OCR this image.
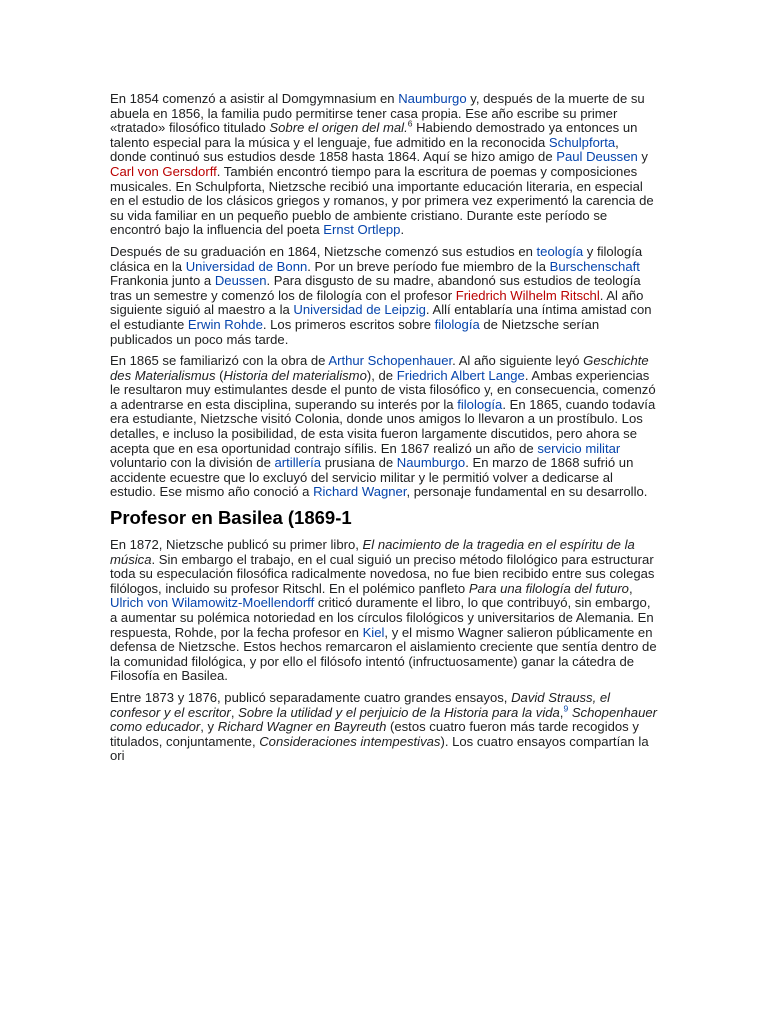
En 1854 comenzó a asistir al Domgymnasium en Naumburgo y, después de la muerte de su abuela en 1856, la familia pudo permitirse tener casa propia. Ese año escribe su primer «tratado» filosófico titulado Sobre el origen del mal.$^6$ Habiendo demostrado ya entonces un talento especial para la música y el lenguaje, fue admitido en la reconocida Schulpforta, donde continuó sus estudios desde 1858 hasta 1864. Aquí se hizo amigo de Paul Deussen y Carl von Gersdorff. También encontró tiempo para la escritura de poemas y composiciones musicales. En Schulpforta, Nietzsche recibió una importante educación literaria, en especial en el estudio de los clásicos griegos y romanos, y por primera vez experimentó la carencia de su vida familiar en un pequeño pueblo de ambiente cristiano. Durante este período se encontró bajo la influencia del poeta Ernst Ortlepp.

Después de su graduación en 1864, Nietzsche comenzó sus estudios en teología y filología clásica en la Universidad de Bonn. Por un breve período fue miembro de la Burschenschaft Frankonia junto a Deussen. Para disgusto de su madre, abandonó sus estudios de teología tras un semestre y comenzó los de filología con el profesor Friedrich Wilhelm Ritschl. Al año siguiente siguió al maestro a la Universidad de Leipzig. Allí entablaría una íntima amistad con el estudiante Erwin Rohde. Los primeros escritos sobre filología de Nietzsche serían publicados un poco más tarde.

En 1865 se familiarizó con la obra de Arthur Schopenhauer. Al año siguiente leyó Geschichte des Materialismus (Historia del materialismo), de Friedrich Albert Lange. Ambas experiencias le resultaron muy estimulantes desde el punto de vista filosófico y, en consecuencia, comenzó a adentrarse en esta disciplina, superando su interés por la filología. En 1865, cuando todavía era estudiante, Nietzsche visitó Colonia, donde unos amigos lo llevaron a un prostíbulo. Los detalles, e incluso la posibilidad, de esta visita fueron largamente discutidos, pero ahora se acepta que en esa oportunidad contrajo sífilis. En 1867 realizó un año de servicio militar voluntario con la división de artillería prusiana de Naumburgo. En marzo de 1868 sufrió un accidente ecuestre que lo excluyó del servicio militar y le permitió volver a dedicarse al estudio. Ese mismo año conoció a Richard Wagner, personaje fundamental en su desarrollo.

Profesor en Basilea (1869-1

En 1872, Nietzsche publicó su primer libro, El nacimiento de la tragedia en el espíritu de la música. Sin embargo el trabajo, en el cual siguió un preciso método filológico para estructurar toda su especulación filosófica radicalmente novedosa, no fue bien recibido entre sus colegas filólogos, incluido su profesor Ritschl. En el polémico panfleto Para una filología del futuro, Ulrich von Wilamowitz-Moellendorff criticó duramente el libro, lo que contribuyó, sin embargo, a aumentar su polémica notoriedad en los círculos filológicos y universitarios de Alemania. En respuesta, Rohde, por la fecha profesor en Kiel, y el mismo Wagner salieron públicamente en defensa de Nietzsche. Estos hechos remarcaron el aislamiento creciente que sentía dentro de la comunidad filológica, y por ello el filósofo intentó (infructuosamente) ganar la cátedra de Filosofía en Basilea.

Entre 1873 y 1876, publicó separadamente cuatro grandes ensayos, David Strauss, el confesor y el escritor, Sobre la utilidad y el perjuicio de la Historia para la vida,$^9$ Schopenhauer como educador, y Richard Wagner en Bayreuth (estos cuatro fueron más tarde recogidos y titulados, conjuntamente, Consideraciones intempestivas). Los cuatro ensayos compartían la ori
